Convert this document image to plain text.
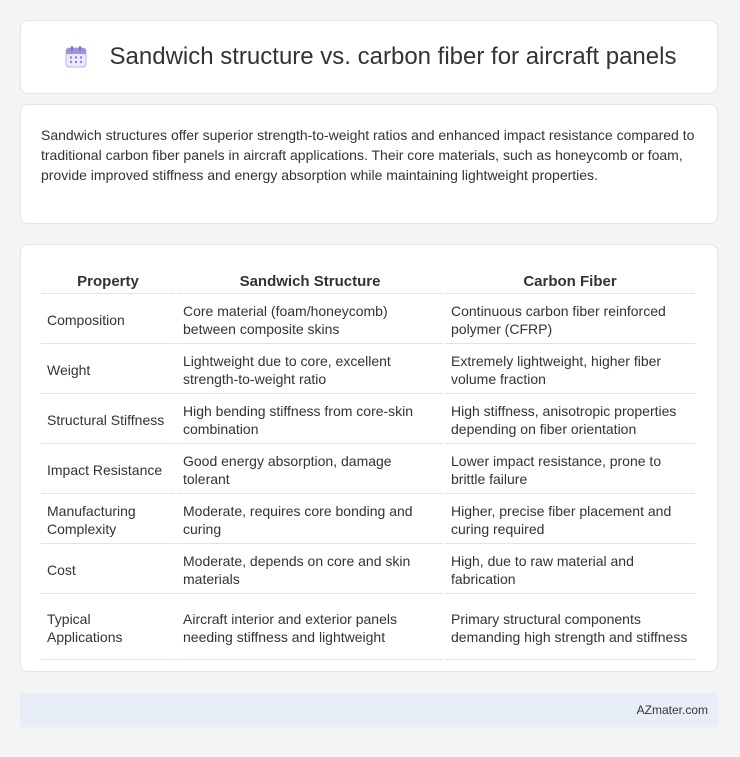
Sandwich structure vs. carbon fiber for aircraft panels

Sandwich structures offer superior strength-to-weight ratios and enhanced impact resistance compared to traditional carbon fiber panels in aircraft applications. Their core materials, such as honeycomb or foam, provide improved stiffness and energy absorption while maintaining lightweight properties.

Property	Sandwich Structure	Carbon Fiber
Composition	Core material (foam/honeycomb) between composite skins	Continuous carbon fiber reinforced polymer (CFRP)
Weight	Lightweight due to core, excellent strength-to-weight ratio	Extremely lightweight, higher fiber volume fraction
Structural Stiffness	High bending stiffness from core-skin combination	High stiffness, anisotropic properties depending on fiber orientation
Impact Resistance	Good energy absorption, damage tolerant	Lower impact resistance, prone to brittle failure
Manufacturing Complexity	Moderate, requires core bonding and curing	Higher, precise fiber placement and curing required
Cost	Moderate, depends on core and skin materials	High, due to raw material and fabrication
Typical Applications	Aircraft interior and exterior panels needing stiffness and lightweight	Primary structural components demanding high strength and stiffness
AZmater.com
